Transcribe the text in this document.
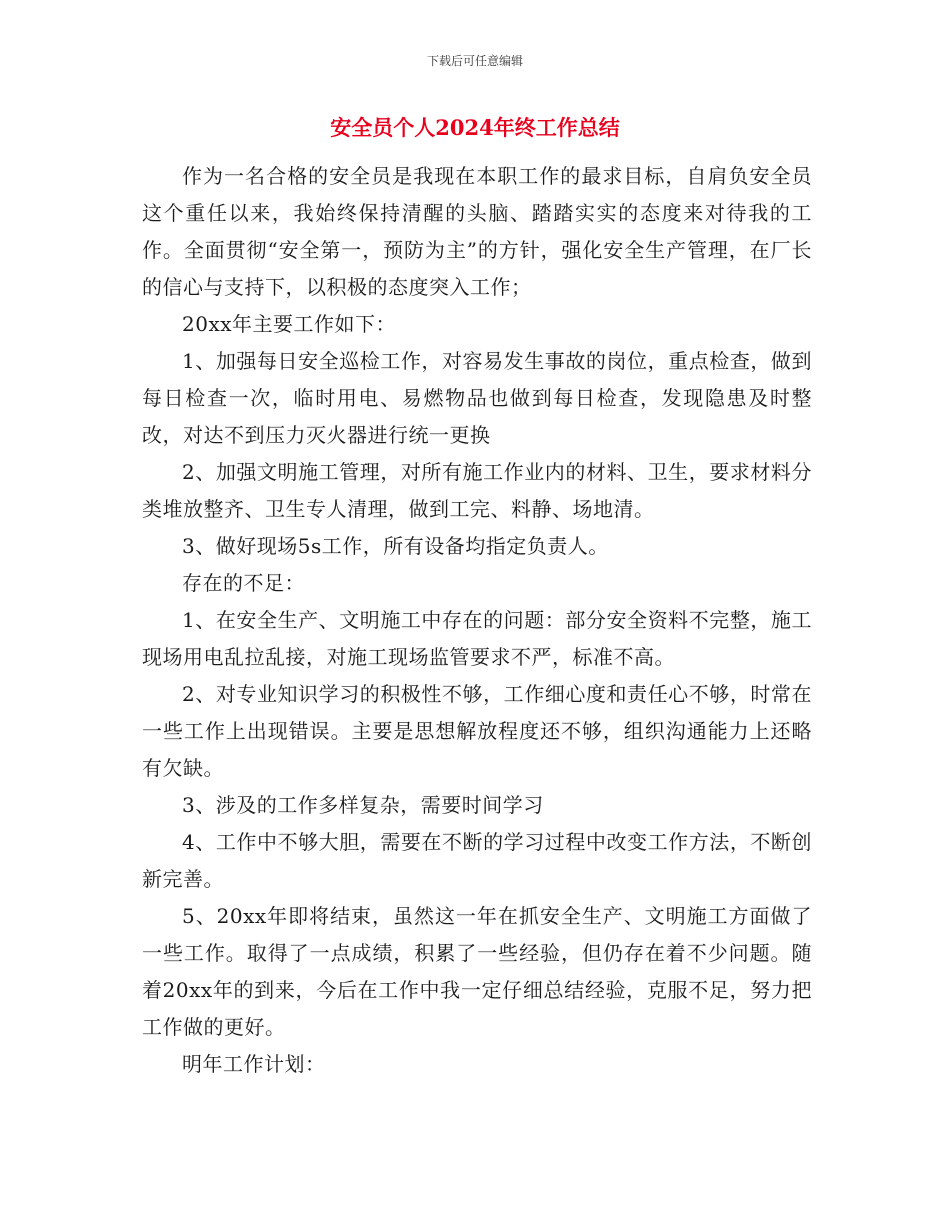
下载后可任意编辑
安全员个人2024年终工作总结

作为一名合格的安全员是我现在本职工作的最求目标，自肩负安全员这个重任以来，我始终保持清醒的头脑、踏踏实实的态度来对待我的工作。全面贯彻“安全第一，预防为主”的方针，强化安全生产管理，在厂长的信心与支持下，以积极的态度突入工作；

20xx年主要工作如下：

1、加强每日安全巡检工作，对容易发生事故的岗位，重点检查，做到每日检查一次，临时用电、易燃物品也做到每日检查，发现隐患及时整改，对达不到压力灭火器进行统一更换

2、加强文明施工管理，对所有施工作业内的材料、卫生，要求材料分类堆放整齐、卫生专人清理，做到工完、料静、场地清。

3、做好现场5s工作，所有设备均指定负责人。

存在的不足：

1、在安全生产、文明施工中存在的问题：部分安全资料不完整，施工现场用电乱拉乱接，对施工现场监管要求不严，标准不高。

2、对专业知识学习的积极性不够，工作细心度和责任心不够，时常在一些工作上出现错误。主要是思想解放程度还不够，组织沟通能力上还略有欠缺。

3、涉及的工作多样复杂，需要时间学习

4、工作中不够大胆，需要在不断的学习过程中改变工作方法，不断创新完善。

5、20xx年即将结束，虽然这一年在抓安全生产、文明施工方面做了一些工作。取得了一点成绩，积累了一些经验，但仍存在着不少问题。随着20xx年的到来，今后在工作中我一定仔细总结经验，克服不足，努力把工作做的更好。

明年工作计划：
